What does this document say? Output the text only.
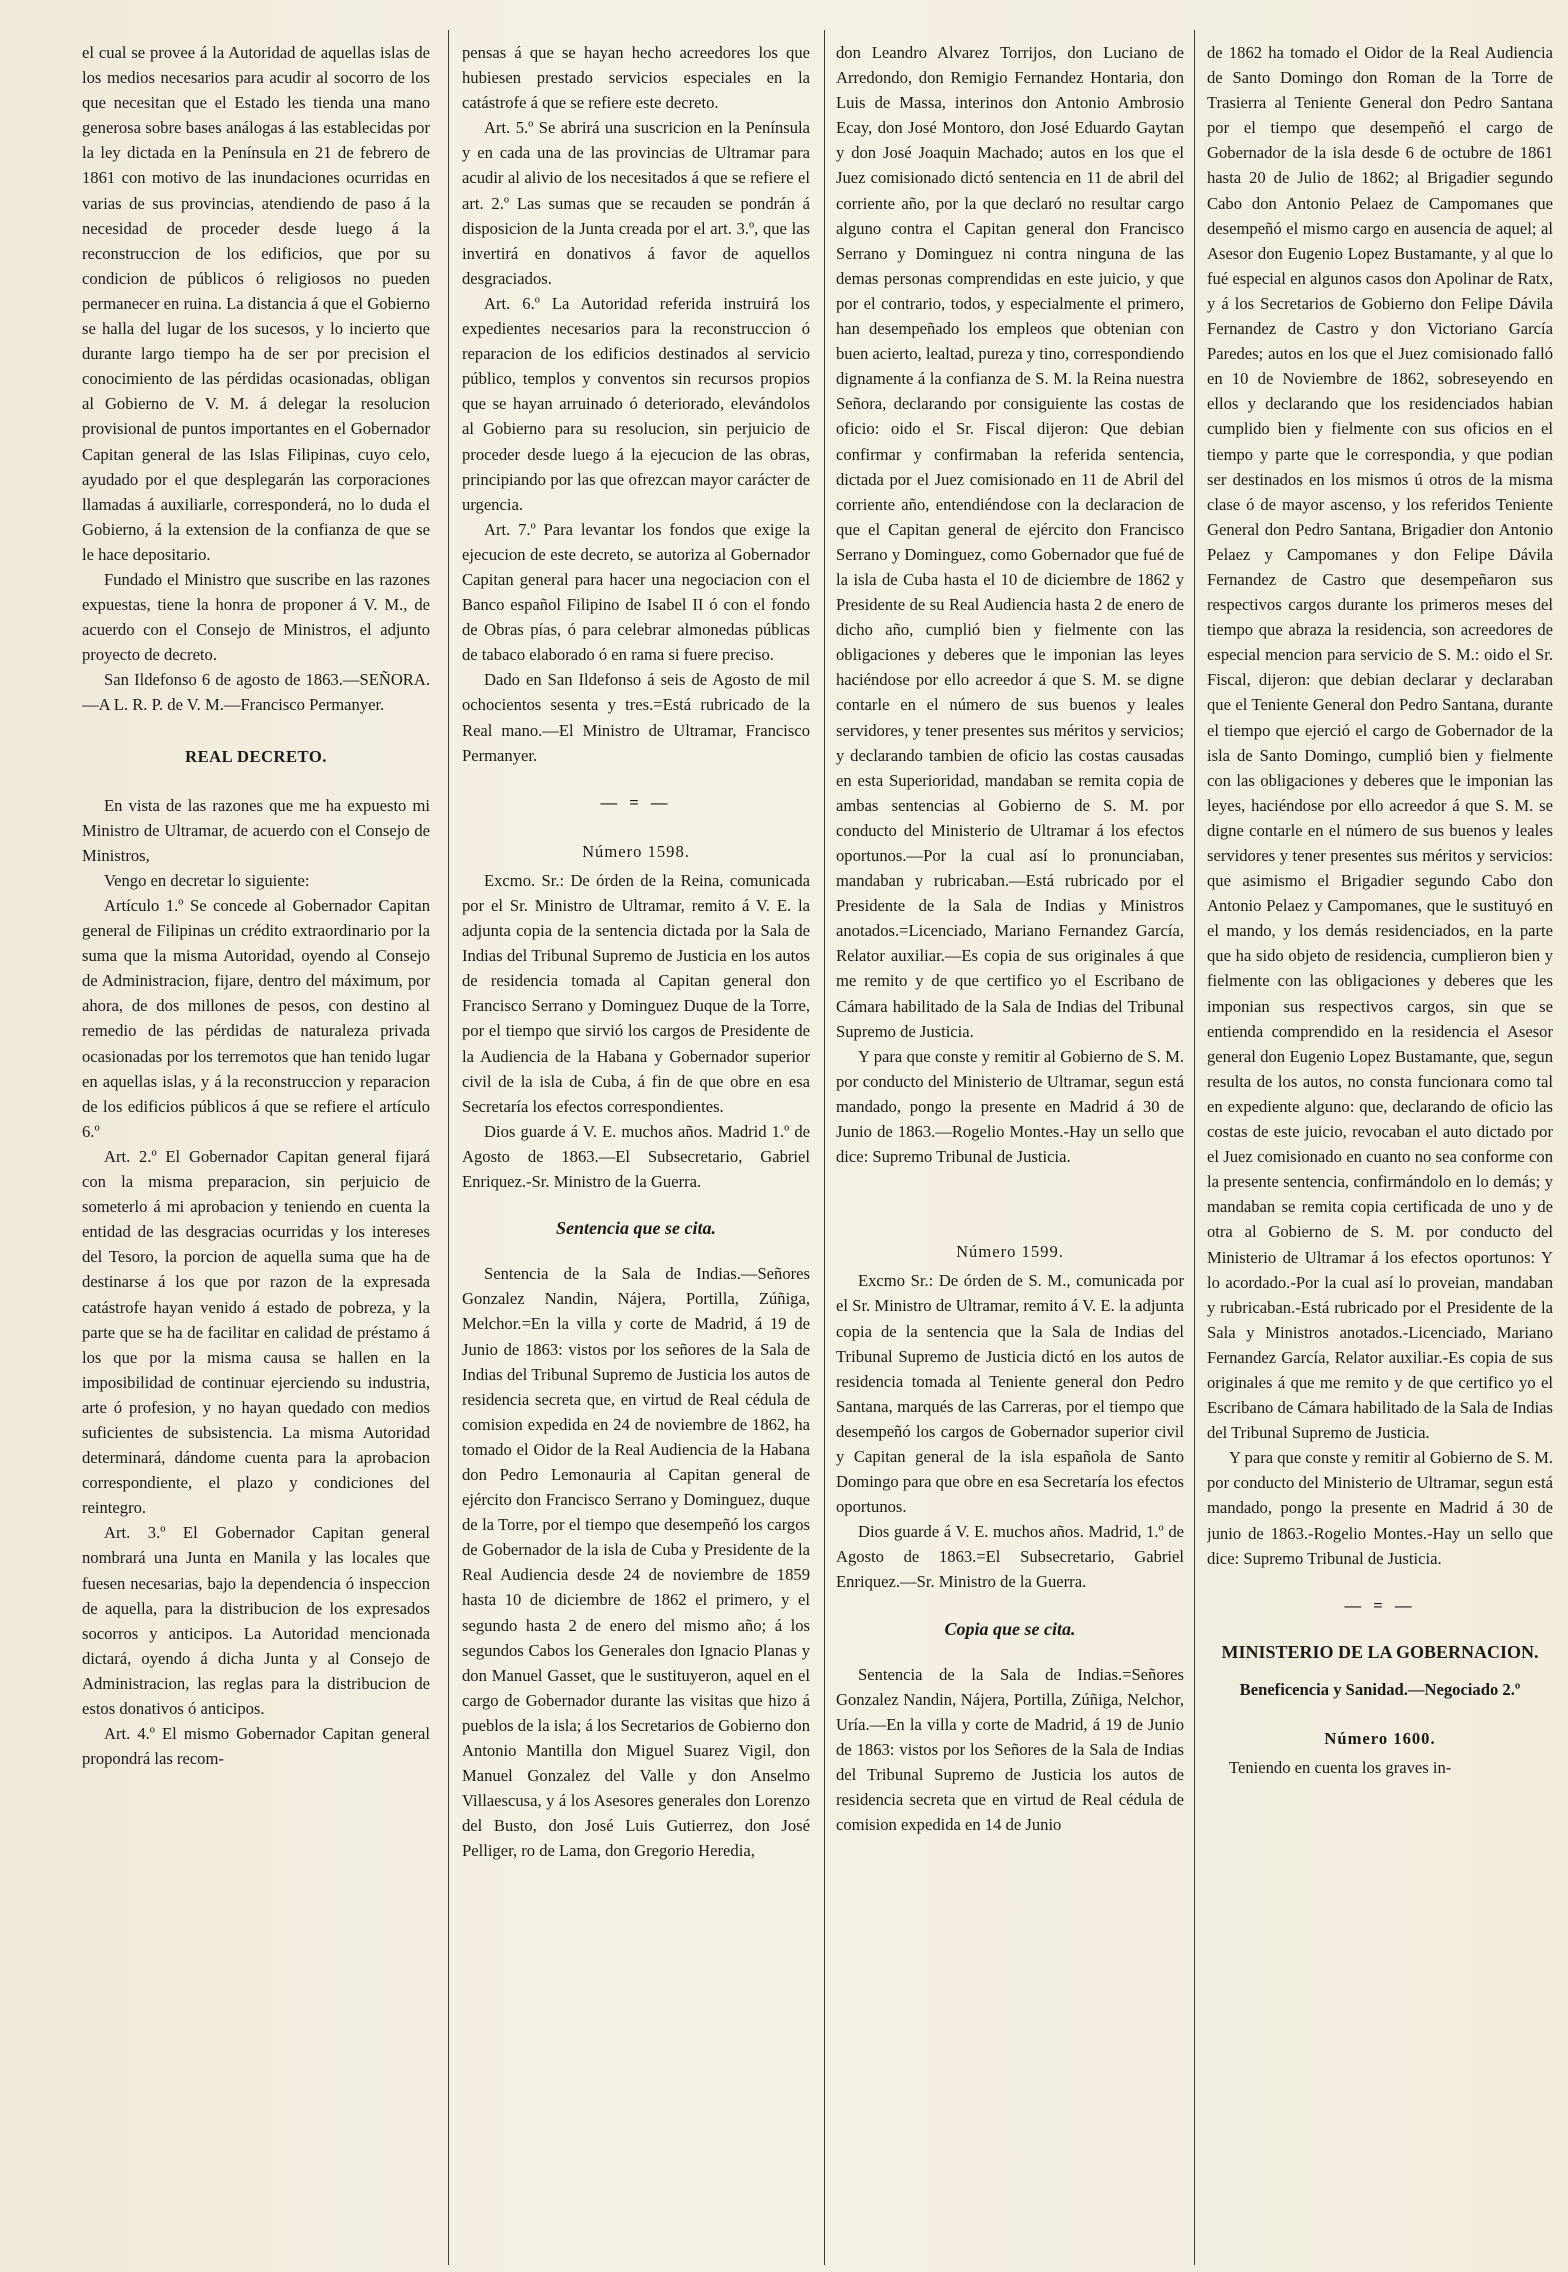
el cual se provee á la Autoridad de aquellas islas de los medios necesarios para acudir al socorro de los que necesitan que el Estado les tienda una mano generosa sobre bases análogas á las establecidas por la ley dictada en la Península en 21 de febrero de 1861 con motivo de las inundaciones ocurridas en varias de sus provincias, atendiendo de paso á la necesidad de proceder desde luego á la reconstruccion de los edificios, que por su condicion de públicos ó religiosos no pueden permanecer en ruina. La distancia á que el Gobierno se halla del lugar de los sucesos, y lo incierto que durante largo tiempo ha de ser por precision el conocimiento de las pérdidas ocasionadas, obligan al Gobierno de V. M. á delegar la resolucion provisional de puntos importantes en el Gobernador Capitan general de las Islas Filipinas, cuyo celo, ayudado por el que desplegarán las corporaciones llamadas á auxiliarle, corresponderá, no lo duda el Gobierno, á la extension de la confianza de que se le hace depositario.

Fundado el Ministro que suscribe en las razones expuestas, tiene la honra de proponer á V. M., de acuerdo con el Consejo de Ministros, el adjunto proyecto de decreto.

San Ildefonso 6 de agosto de 1863.—SEÑORA.—A L. R. P. de V. M.—Francisco Permanyer.

REAL DECRETO.

En vista de las razones que me ha expuesto mi Ministro de Ultramar, de acuerdo con el Consejo de Ministros,

Vengo en decretar lo siguiente:

Artículo 1.º Se concede al Gobernador Capitan general de Filipinas un crédito extraordinario por la suma que la misma Autoridad, oyendo al Consejo de Administracion, fijare, dentro del máximum, por ahora, de dos millones de pesos, con destino al remedio de las pérdidas de naturaleza privada ocasionadas por los terremotos que han tenido lugar en aquellas islas, y á la reconstruccion y reparacion de los edificios públicos á que se refiere el artículo 6.º

Art. 2.º El Gobernador Capitan general fijará con la misma preparacion, sin perjuicio de someterlo á mi aprobacion y teniendo en cuenta la entidad de las desgracias ocurridas y los intereses del Tesoro, la porcion de aquella suma que ha de destinarse á los que por razon de la expresada catástrofe hayan venido á estado de pobreza, y la parte que se ha de facilitar en calidad de préstamo á los que por la misma causa se hallen en la imposibilidad de continuar ejerciendo su industria, arte ó profesion, y no hayan quedado con medios suficientes de subsistencia. La misma Autoridad determinará, dándome cuenta para la aprobacion correspondiente, el plazo y condiciones del reintegro.

Art. 3.º El Gobernador Capitan general nombrará una Junta en Manila y las locales que fuesen necesarias, bajo la dependencia ó inspeccion de aquella, para la distribucion de los expresados socorros y anticipos. La Autoridad mencionada dictará, oyendo á dicha Junta y al Consejo de Administracion, las reglas para la distribucion de estos donativos ó anticipos.

Art. 4.º El mismo Gobernador Capitan general propondrá las recom-

pensas á que se hayan hecho acreedores los que hubiesen prestado servicios especiales en la catástrofe á que se refiere este decreto.

Art. 5.º Se abrirá una suscricion en la Península y en cada una de las provincias de Ultramar para acudir al alivio de los necesitados á que se refiere el art. 2.º Las sumas que se recauden se pondrán á disposicion de la Junta creada por el art. 3.º, que las invertirá en donativos á favor de aquellos desgraciados.

Art. 6.º La Autoridad referida instruirá los expedientes necesarios para la reconstruccion ó reparacion de los edificios destinados al servicio público, templos y conventos sin recursos propios que se hayan arruinado ó deteriorado, elevándolos al Gobierno para su resolucion, sin perjuicio de proceder desde luego á la ejecucion de las obras, principiando por las que ofrezcan mayor carácter de urgencia.

Art. 7.º Para levantar los fondos que exige la ejecucion de este decreto, se autoriza al Gobernador Capitan general para hacer una negociacion con el Banco español Filipino de Isabel II ó con el fondo de Obras pías, ó para celebrar almonedas públicas de tabaco elaborado ó en rama si fuere preciso.

Dado en San Ildefonso á seis de Agosto de mil ochocientos sesenta y tres.=Está rubricado de la Real mano.—El Ministro de Ultramar, Francisco Permanyer.

— = —
Número 1598.

Excmo. Sr.: De órden de la Reina, comunicada por el Sr. Ministro de Ultramar, remito á V. E. la adjunta copia de la sentencia dictada por la Sala de Indias del Tribunal Supremo de Justicia en los autos de residencia tomada al Capitan general don Francisco Serrano y Dominguez Duque de la Torre, por el tiempo que sirvió los cargos de Presidente de la Audiencia de la Habana y Gobernador superior civil de la isla de Cuba, á fin de que obre en esa Secretaría los efectos correspondientes.

Dios guarde á V. E. muchos años. Madrid 1.º de Agosto de 1863.—El Subsecretario, Gabriel Enriquez.-Sr. Ministro de la Guerra.

Sentencia que se cita.

Sentencia de la Sala de Indias.—Señores Gonzalez Nandin, Nájera, Portilla, Zúñiga, Melchor.=En la villa y corte de Madrid, á 19 de Junio de 1863: vistos por los señores de la Sala de Indias del Tribunal Supremo de Justicia los autos de residencia secreta que, en virtud de Real cédula de comision expedida en 24 de noviembre de 1862, ha tomado el Oidor de la Real Audiencia de la Habana don Pedro Lemonauria al Capitan general de ejército don Francisco Serrano y Dominguez, duque de la Torre, por el tiempo que desempeñó los cargos de Gobernador de la isla de Cuba y Presidente de la Real Audiencia desde 24 de noviembre de 1859 hasta 10 de diciembre de 1862 el primero, y el segundo hasta 2 de enero del mismo año; á los segundos Cabos los Generales don Ignacio Planas y don Manuel Gasset, que le sustituyeron, aquel en el cargo de Gobernador durante las visitas que hizo á pueblos de la isla; á los Secretarios de Gobierno don Antonio Mantilla don Miguel Suarez Vigil, don Manuel Gonzalez del Valle y don Anselmo Villaescusa, y á los Asesores generales don Lorenzo del Busto, don José Luis Gutierrez, don José Pelliger, ro de Lama, don Gregorio Heredia,

don Leandro Alvarez Torrijos, don Luciano de Arredondo, don Remigio Fernandez Hontaria, don Luis de Massa, interinos don Antonio Ambrosio Ecay, don José Montoro, don José Eduardo Gaytan y don José Joaquin Machado; autos en los que el Juez comisionado dictó sentencia en 11 de abril del corriente año, por la que declaró no resultar cargo alguno contra el Capitan general don Francisco Serrano y Dominguez ni contra ninguna de las demas personas comprendidas en este juicio, y que por el contrario, todos, y especialmente el primero, han desempeñado los empleos que obtenian con buen acierto, lealtad, pureza y tino, correspondiendo dignamente á la confianza de S. M. la Reina nuestra Señora, declarando por consiguiente las costas de oficio: oido el Sr. Fiscal dijeron: Que debian confirmar y confirmaban la referida sentencia, dictada por el Juez comisionado en 11 de Abril del corriente año, entendiéndose con la declaracion de que el Capitan general de ejército don Francisco Serrano y Dominguez, como Gobernador que fué de la isla de Cuba hasta el 10 de diciembre de 1862 y Presidente de su Real Audiencia hasta 2 de enero de dicho año, cumplió bien y fielmente con las obligaciones y deberes que le imponian las leyes haciéndose por ello acreedor á que S. M. se digne contarle en el número de sus buenos y leales servidores, y tener presentes sus méritos y servicios; y declarando tambien de oficio las costas causadas en esta Superioridad, mandaban se remita copia de ambas sentencias al Gobierno de S. M. por conducto del Ministerio de Ultramar á los efectos oportunos.—Por la cual así lo pronunciaban, mandaban y rubricaban.—Está rubricado por el Presidente de la Sala de Indias y Ministros anotados.=Licenciado, Mariano Fernandez García, Relator auxiliar.—Es copia de sus originales á que me remito y de que certifico yo el Escribano de Cámara habilitado de la Sala de Indias del Tribunal Supremo de Justicia.

Y para que conste y remitir al Gobierno de S. M. por conducto del Ministerio de Ultramar, segun está mandado, pongo la presente en Madrid á 30 de Junio de 1863.—Rogelio Montes.-Hay un sello que dice: Supremo Tribunal de Justicia.

Número 1599.

Excmo Sr.: De órden de S. M., comunicada por el Sr. Ministro de Ultramar, remito á V. E. la adjunta copia de la sentencia que la Sala de Indias del Tribunal Supremo de Justicia dictó en los autos de residencia tomada al Teniente general don Pedro Santana, marqués de las Carreras, por el tiempo que desempeñó los cargos de Gobernador superior civil y Capitan general de la isla española de Santo Domingo para que obre en esa Secretaría los efectos oportunos.

Dios guarde á V. E. muchos años. Madrid, 1.º de Agosto de 1863.=El Subsecretario, Gabriel Enriquez.—Sr. Ministro de la Guerra.

Copia que se cita.

Sentencia de la Sala de Indias.=Señores Gonzalez Nandin, Nájera, Portilla, Zúñiga, Nelchor, Uría.—En la villa y corte de Madrid, á 19 de Junio de 1863: vistos por los Señores de la Sala de Indias del Tribunal Supremo de Justicia los autos de residencia secreta que en virtud de Real cédula de comision expedida en 14 de Junio

de 1862 ha tomado el Oidor de la Real Audiencia de Santo Domingo don Roman de la Torre de Trasierra al Teniente General don Pedro Santana por el tiempo que desempeñó el cargo de Gobernador de la isla desde 6 de octubre de 1861 hasta 20 de Julio de 1862; al Brigadier segundo Cabo don Antonio Pelaez de Campomanes que desempeñó el mismo cargo en ausencia de aquel; al Asesor don Eugenio Lopez Bustamante, y al que lo fué especial en algunos casos don Apolinar de Ratx, y á los Secretarios de Gobierno don Felipe Dávila Fernandez de Castro y don Victoriano García Paredes; autos en los que el Juez comisionado falló en 10 de Noviembre de 1862, sobreseyendo en ellos y declarando que los residenciados habian cumplido bien y fielmente con sus oficios en el tiempo y parte que le correspondia, y que podian ser destinados en los mismos ú otros de la misma clase ó de mayor ascenso, y los referidos Teniente General don Pedro Santana, Brigadier don Antonio Pelaez y Campomanes y don Felipe Dávila Fernandez de Castro que desempeñaron sus respectivos cargos durante los primeros meses del tiempo que abraza la residencia, son acreedores de especial mencion para servicio de S. M.: oido el Sr. Fiscal, dijeron: que debian declarar y declaraban que el Teniente General don Pedro Santana, durante el tiempo que ejerció el cargo de Gobernador de la isla de Santo Domingo, cumplió bien y fielmente con las obligaciones y deberes que le imponian las leyes, haciéndose por ello acreedor á que S. M. se digne contarle en el número de sus buenos y leales servidores y tener presentes sus méritos y servicios: que asimismo el Brigadier segundo Cabo don Antonio Pelaez y Campomanes, que le sustituyó en el mando, y los demás residenciados, en la parte que ha sido objeto de residencia, cumplieron bien y fielmente con las obligaciones y deberes que les imponian sus respectivos cargos, sin que se entienda comprendido en la residencia el Asesor general don Eugenio Lopez Bustamante, que, segun resulta de los autos, no consta funcionara como tal en expediente alguno: que, declarando de oficio las costas de este juicio, revocaban el auto dictado por el Juez comisionado en cuanto no sea conforme con la presente sentencia, confirmándolo en lo demás; y mandaban se remita copia certificada de uno y de otra al Gobierno de S. M. por conducto del Ministerio de Ultramar á los efectos oportunos: Y lo acordado.-Por la cual así lo proveian, mandaban y rubricaban.-Está rubricado por el Presidente de la Sala y Ministros anotados.-Licenciado, Mariano Fernandez García, Relator auxiliar.-Es copia de sus originales á que me remito y de que certifico yo el Escribano de Cámara habilitado de la Sala de Indias del Tribunal Supremo de Justicia.

Y para que conste y remitir al Gobierno de S. M. por conducto del Ministerio de Ultramar, segun está mandado, pongo la presente en Madrid á 30 de junio de 1863.-Rogelio Montes.-Hay un sello que dice: Supremo Tribunal de Justicia.

— = —
MINISTERIO DE LA GOBERNACION.
Beneficencia y Sanidad.—Negociado 2.º
Número 1600.

Teniendo en cuenta los graves in-
